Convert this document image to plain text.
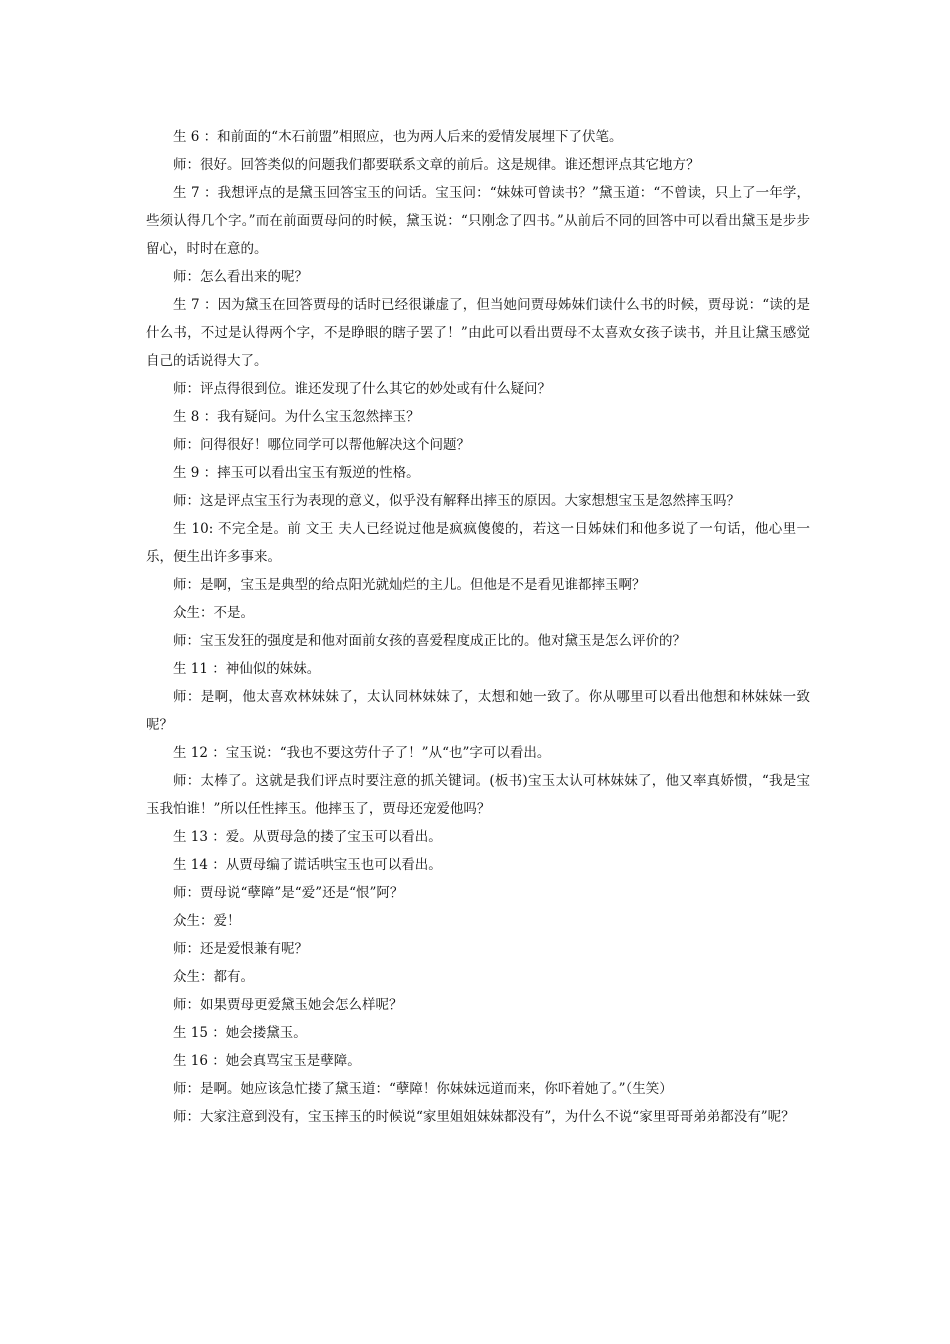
生 6 ：和前面的“木石前盟”相照应，也为两人后来的爱情发展埋下了伏笔。

师：很好。回答类似的问题我们都要联系文章的前后。这是规律。谁还想评点其它地方？

生 7 ：我想评点的是黛玉回答宝玉的问话。宝玉问：“妹妹可曾读书？”黛玉道：“不曾读，只上了一年学，些须认得几个字。”而在前面贾母问的时候，黛玉说：“只刚念了四书。”从前后不同的回答中可以看出黛玉是步步留心，时时在意的。

师：怎么看出来的呢？

生 7 ：因为黛玉在回答贾母的话时已经很谦虚了，但当她问贾母姊妹们读什么书的时候，贾母说：“读的是什么书，不过是认得两个字，不是睁眼的瞎子罢了！”由此可以看出贾母不太喜欢女孩子读书，并且让黛玉感觉自己的话说得大了。

师：评点得很到位。谁还发现了什么其它的妙处或有什么疑问？

生 8 ：我有疑问。为什么宝玉忽然摔玉？

师：问得很好！哪位同学可以帮他解决这个问题？

生 9 ：摔玉可以看出宝玉有叛逆的性格。

师：这是评点宝玉行为表现的意义，似乎没有解释出摔玉的原因。大家想想宝玉是忽然摔玉吗？

生 10: 不完全是。前 文王 夫人已经说过他是疯疯傻傻的，若这一日姊妹们和他多说了一句话，他心里一乐，便生出许多事来。

师：是啊，宝玉是典型的给点阳光就灿烂的主儿。但他是不是看见谁都摔玉啊？

众生：不是。

师：宝玉发狂的强度是和他对面前女孩的喜爱程度成正比的。他对黛玉是怎么评价的？

生 11 ：神仙似的妹妹。

师：是啊，他太喜欢林妹妹了，太认同林妹妹了，太想和她一致了。你从哪里可以看出他想和林妹妹一致呢？

生 12 ：宝玉说：“我也不要这劳什子了！”从“也”字可以看出。

师：太棒了。这就是我们评点时要注意的抓关键词。(板书)宝玉太认可林妹妹了，他又率真娇惯，“我是宝玉我怕谁！”所以任性摔玉。他摔玉了，贾母还宠爱他吗？

生 13 ：爱。从贾母急的搂了宝玉可以看出。

生 14 ：从贾母编了谎话哄宝玉也可以看出。

师：贾母说“孽障”是“爱”还是“恨”阿？

众生：爱！

师：还是爱恨兼有呢？

众生：都有。

师：如果贾母更爱黛玉她会怎么样呢？

生 15 ：她会搂黛玉。

生 16 ：她会真骂宝玉是孽障。

师：是啊。她应该急忙搂了黛玉道：“孽障！你妹妹远道而来，你吓着她了。”（生笑）

师：大家注意到没有，宝玉摔玉的时候说“家里姐姐妹妹都没有”，为什么不说“家里哥哥弟弟都没有”呢？
